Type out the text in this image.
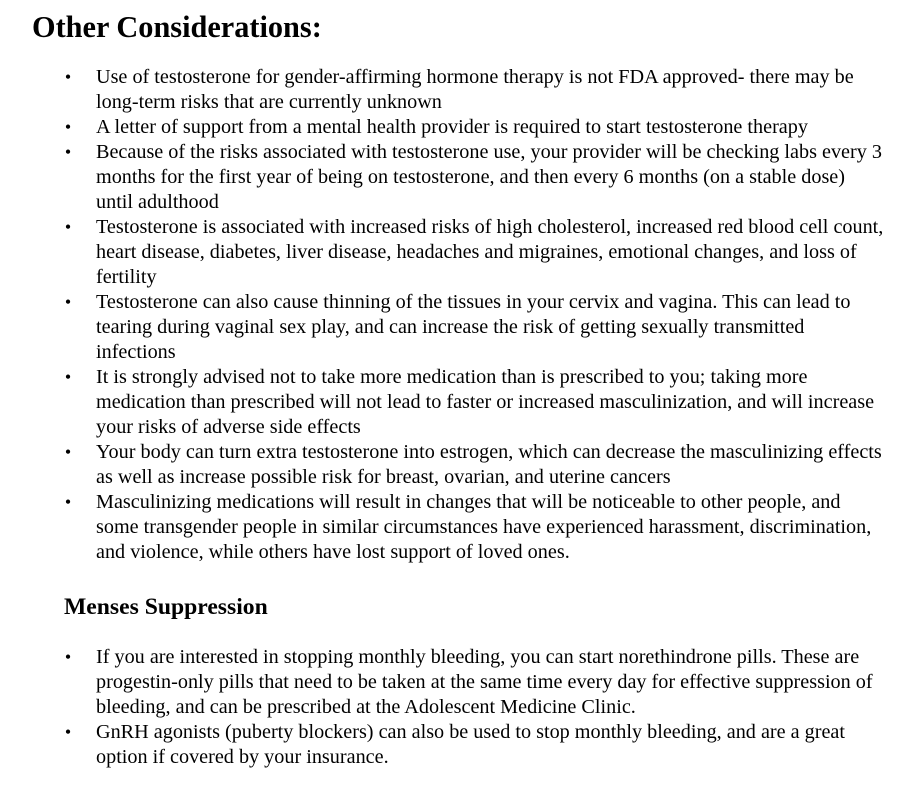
Other Considerations:
• Use of testosterone for gender-affirming hormone therapy is not FDA approved- there may be long-term risks that are currently unknown
• A letter of support from a mental health provider is required to start testosterone therapy
• Because of the risks associated with testosterone use, your provider will be checking labs every 3 months for the first year of being on testosterone, and then every 6 months (on a stable dose) until adulthood
• Testosterone is associated with increased risks of high cholesterol, increased red blood cell count, heart disease, diabetes, liver disease, headaches and migraines, emotional changes, and loss of fertility
• Testosterone can also cause thinning of the tissues in your cervix and vagina. This can lead to tearing during vaginal sex play, and can increase the risk of getting sexually transmitted infections
• It is strongly advised not to take more medication than is prescribed to you; taking more medication than prescribed will not lead to faster or increased masculinization, and will increase your risks of adverse side effects
• Your body can turn extra testosterone into estrogen, which can decrease the masculinizing effects as well as increase possible risk for breast, ovarian, and uterine cancers
• Masculinizing medications will result in changes that will be noticeable to other people, and some transgender people in similar circumstances have experienced harassment, discrimination, and violence, while others have lost support of loved ones.
Menses Suppression
• If you are interested in stopping monthly bleeding, you can start norethindrone pills. These are progestin-only pills that need to be taken at the same time every day for effective suppression of bleeding, and can be prescribed at the Adolescent Medicine Clinic.
• GnRH agonists (puberty blockers) can also be used to stop monthly bleeding, and are a great option if covered by your insurance.
